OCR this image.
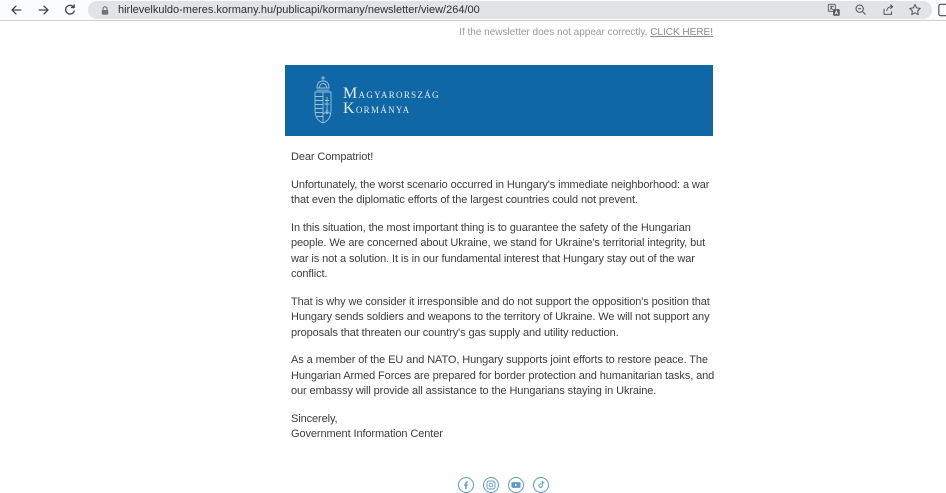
hirlevelkuldo-meres.kormany.hu/publicapi/kormany/newsletter/view/264/00
If the newsletter does not appear correctly, CLICK HERE!
Magyarország
Kormánya

Dear Compatriot!

Unfortunately, the worst scenario occurred in Hungary's immediate neighborhood: a war that even the diplomatic efforts of the largest countries could not prevent.

In this situation, the most important thing is to guarantee the safety of the Hungarian people. We are concerned about Ukraine, we stand for Ukraine's territorial integrity, but war is not a solution. It is in our fundamental interest that Hungary stay out of the war conflict.

That is why we consider it irresponsible and do not support the opposition's position that Hungary sends soldiers and weapons to the territory of Ukraine. We will not support any proposals that threaten our country's gas supply and utility reduction.

As a member of the EU and NATO, Hungary supports joint efforts to restore peace. The Hungarian Armed Forces are prepared for border protection and humanitarian tasks, and our embassy will provide all assistance to the Hungarians staying in Ukraine.

Sincerely,
Government Information Center
